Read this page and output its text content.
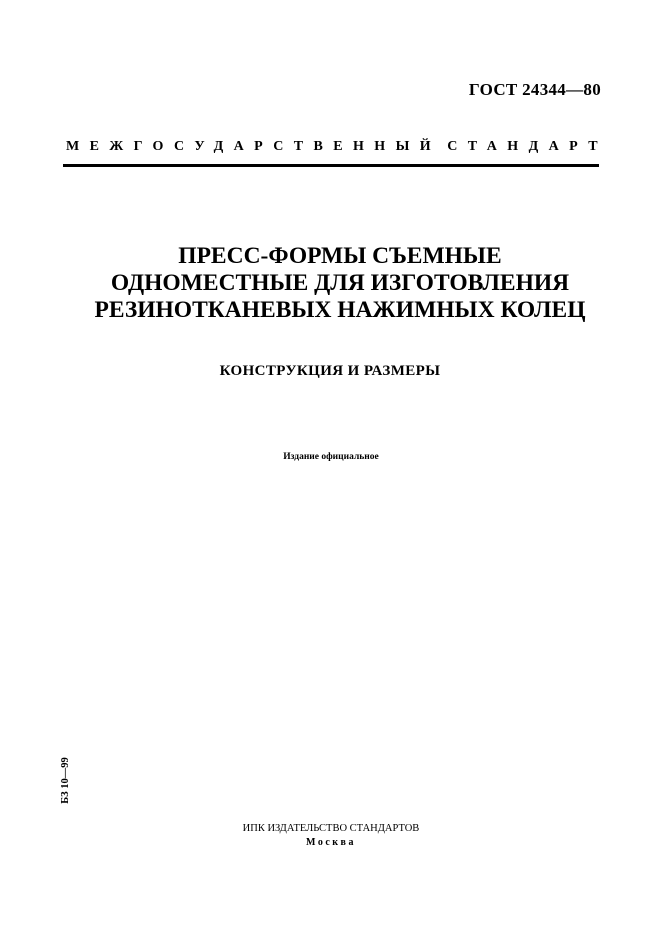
ГОСТ 24344—80
МЕЖГОСУДАРСТВЕННЫЙ СТАНДАРТ
ПРЕСС-ФОРМЫ СЪЕМНЫЕ
ОДНОМЕСТНЫЕ ДЛЯ ИЗГОТОВЛЕНИЯ
РЕЗИНОТКАНЕВЫХ НАЖИМНЫХ КОЛЕЦ
КОНСТРУКЦИЯ И РАЗМЕРЫ
Издание официальное
БЗ 10—99
ИПК ИЗДАТЕЛЬСТВО СТАНДАРТОВ
Москва
